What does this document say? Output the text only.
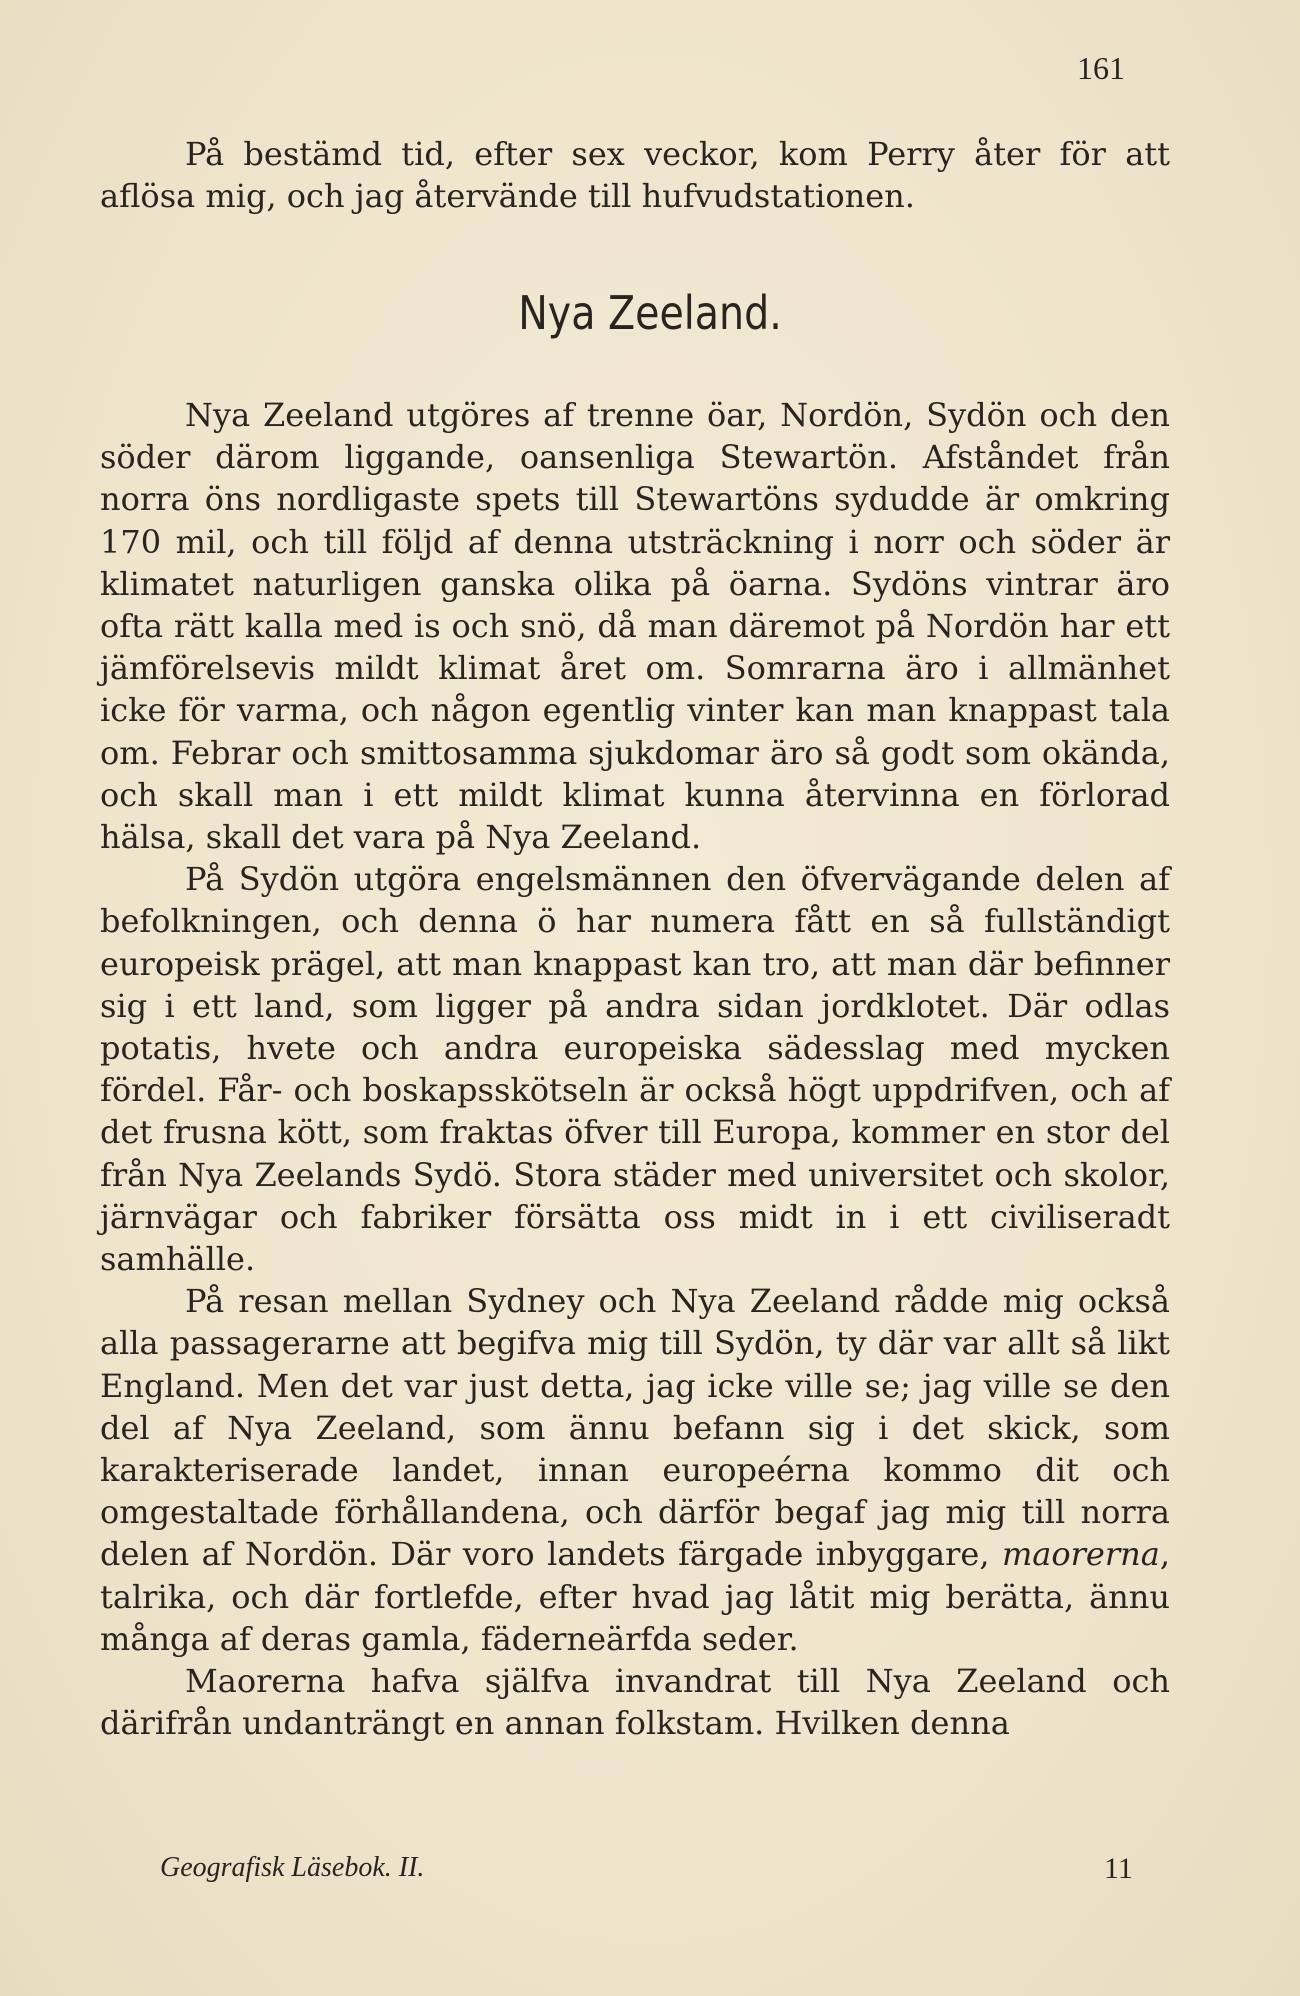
161

På bestämd tid, efter sex veckor, kom Perry åter för att aflösa mig, och jag återvände till hufvudstationen.

Nya Zeeland.

Nya Zeeland utgöres af trenne öar, Nordön, Sydön och den söder därom liggande, oansenliga Stewartön. Afståndet från norra öns nordligaste spets till Stewartöns sydudde är omkring 170 mil, och till följd af denna utsträckning i norr och söder är klimatet naturligen ganska olika på öarna. Sydöns vintrar äro ofta rätt kalla med is och snö, då man däremot på Nordön har ett jämförelsevis mildt klimat året om. Somrarna äro i allmänhet icke för varma, och någon egentlig vinter kan man knappast tala om. Febrar och smittosamma sjukdomar äro så godt som okända, och skall man i ett mildt klimat kunna återvinna en förlorad hälsa, skall det vara på Nya Zeeland.

På Sydön utgöra engelsmännen den öfvervägande delen af befolkningen, och denna ö har numera fått en så fullständigt europeisk prägel, att man knappast kan tro, att man där befinner sig i ett land, som ligger på andra sidan jordklotet. Där odlas potatis, hvete och andra europeiska sädesslag med mycken fördel. Får- och boskapsskötseln är också högt uppdrifven, och af det frusna kött, som fraktas öfver till Europa, kommer en stor del från Nya Zeelands Sydö. Stora städer med universitet och skolor, järnvägar och fabriker försätta oss midt in i ett civiliseradt samhälle.

På resan mellan Sydney och Nya Zeeland rådde mig också alla passagerarne att begifva mig till Sydön, ty där var allt så likt England. Men det var just detta, jag icke ville se; jag ville se den del af Nya Zeeland, som ännu befann sig i det skick, som karakteriserade landet, innan europeérna kommo dit och omgestaltade förhållandena, och därför begaf jag mig till norra delen af Nordön. Där voro landets färgade inbyggare, maorerna, talrika, och där fortlefde, efter hvad jag låtit mig berätta, ännu många af deras gamla, fäderneärfda seder.

Maorerna hafva själfva invandrat till Nya Zeeland och därifrån undanträngt en annan folkstam. Hvilken denna

Geografisk Läsebok. II.	11
